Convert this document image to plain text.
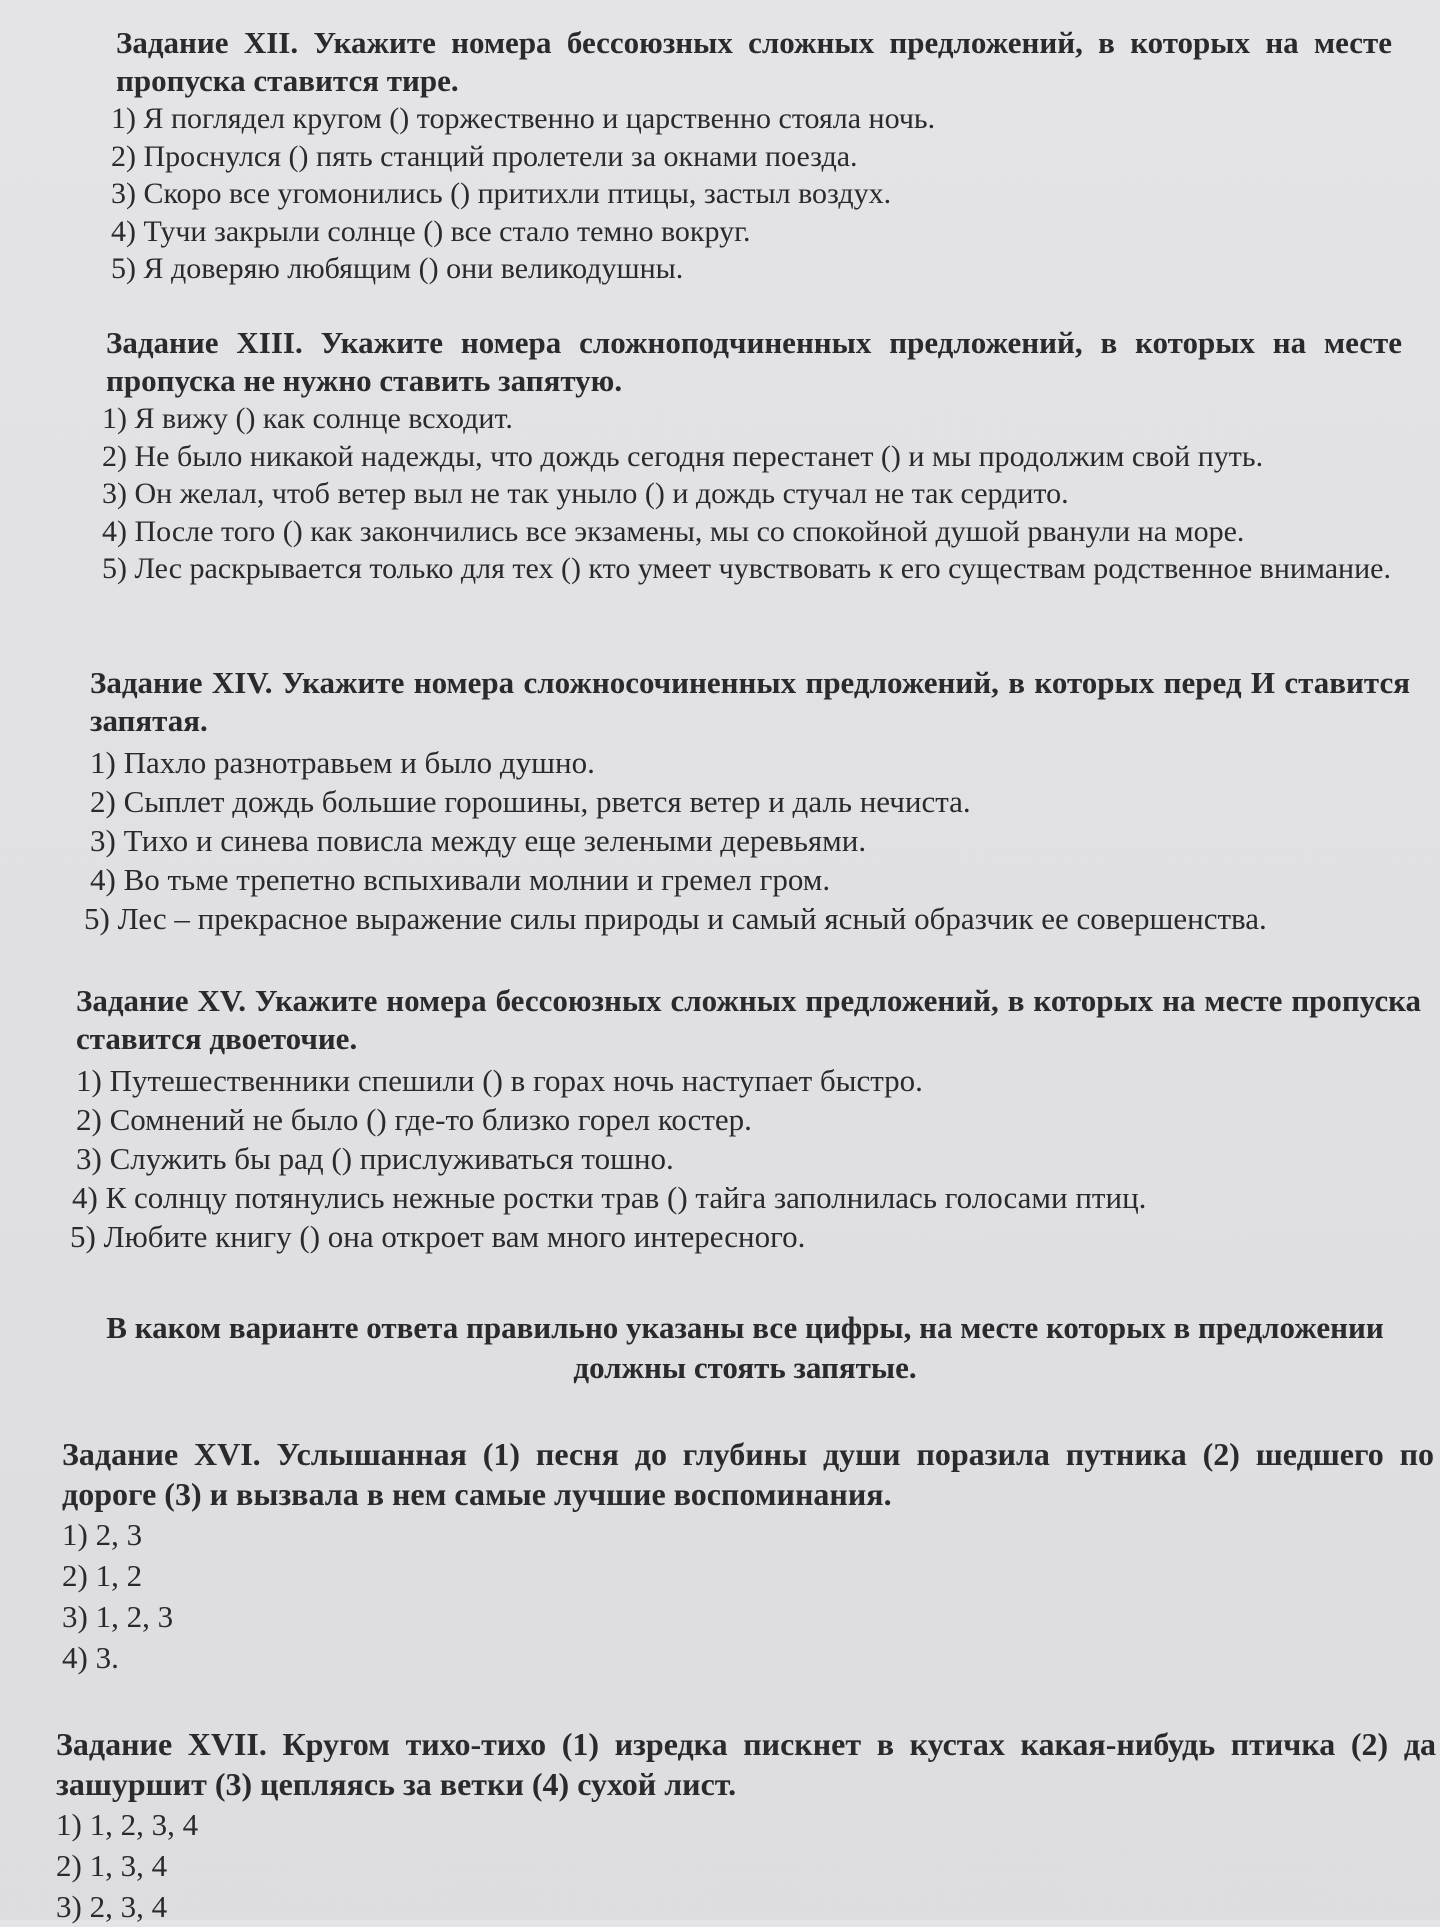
Задание XII. Укажите номера бессоюзных сложных предложений, в которых на месте пропуска ставится тире.

1) Я поглядел кругом () торжественно и царственно стояла ночь.
2) Проснулся () пять станций пролетели за окнами поезда.
3) Скоро все угомонились () притихли птицы, застыл воздух.
4) Тучи закрыли солнце () все стало темно вокруг.
5) Я доверяю любящим () они великодушны.

Задание XIII. Укажите номера сложноподчиненных предложений, в которых на месте пропуска не нужно ставить запятую.

1) Я вижу () как солнце всходит.
2) Не было никакой надежды, что дождь сегодня перестанет () и мы продолжим свой путь.
3) Он желал, чтоб ветер выл не так уныло () и дождь стучал не так сердито.
4) После того () как закончились все экзамены, мы со спокойной душой рванули на море.
5) Лес раскрывается только для тех () кто умеет чувствовать к его существам родственное внимание.

Задание XIV. Укажите номера сложносочиненных предложений, в которых перед И ставится запятая.

1) Пахло разнотравьем и было душно.
2) Сыплет дождь большие горошины, рвется ветер и даль нечиста.
3) Тихо и синева повисла между еще зелеными деревьями.
4) Во тьме трепетно вспыхивали молнии и гремел гром.
5) Лес – прекрасное выражение силы природы и самый ясный образчик ее совершенства.

Задание XV. Укажите номера бессоюзных сложных предложений, в которых на месте пропуска ставится двоеточие.

1) Путешественники спешили () в горах ночь наступает быстро.
2) Сомнений не было () где-то близко горел костер.
3) Служить бы рад () прислуживаться тошно.
4) К солнцу потянулись нежные ростки трав () тайга заполнилась голосами птиц.
5) Любите книгу () она откроет вам много интересного.

В каком варианте ответа правильно указаны все цифры, на месте которых в предложении должны стоять запятые.

Задание XVI. Услышанная (1) песня до глубины души поразила путника (2) шедшего по дороге (3) и вызвала в нем самые лучшие воспоминания.

1) 2, 3
2) 1, 2
3) 1, 2, 3
4) 3.

Задание XVII. Кругом тихо-тихо (1) изредка пискнет в кустах какая-нибудь птичка (2) да зашуршит (3) цепляясь за ветки (4) сухой лист.

1) 1, 2, 3, 4
2) 1, 3, 4
3) 2, 3, 4
